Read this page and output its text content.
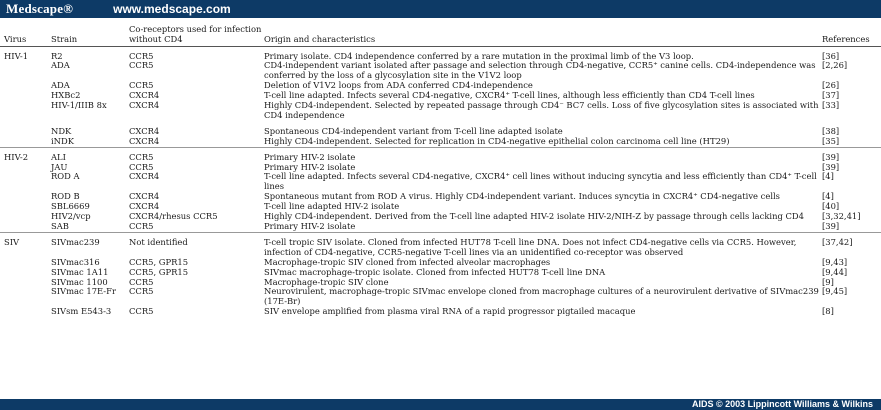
Medscape®	www.medscape.com
Virus	Strain	Co-receptors used for infection without CD4	Origin and characteristics	References
HIV-1	R2	CCR5	Primary isolate. CD4 independence conferred by a rare mutation in the proximal limb of the V3 loop.	[36]
	ADA	CCR5	CD4-independent variant isolated after passage and selection through CD4-negative, CCR5⁺ canine cells. CD4-independence was conferred by the loss of a glycosylation site in the V1V2 loop	[2,26]
	ADA	CCR5	Deletion of V1V2 loops from ADA conferred CD4-independence	[26]
	HXBc2	CXCR4	T-cell line adapted. Infects several CD4-negative, CXCR4⁺ T-cell lines, although less efficiently than CD4 T-cell lines	[37]
	HIV-1/IIIB 8x	CXCR4	Highly CD4-independent. Selected by repeated passage through CD4⁻ BC7 cells. Loss of five glycosylation sites is associated with CD4 independence	[33]

	NDK	CXCR4	Spontaneous CD4-independent variant from T-cell line adapted isolate	[38]
	iNDK	CXCR4	Highly CD4-independent. Selected for replication in CD4-negative epithelial colon carcinoma cell line (HT29)	[35]
HIV-2	ALI	CCR5	Primary HIV-2 isolate	[39]
	JAU	CCR5	Primary HIV-2 isolate	[39]
	ROD A	CXCR4	T-cell line adapted. Infects several CD4-negative, CXCR4⁺ cell lines without inducing syncytia and less efficiently than CD4⁺ T-cell lines	[4]
	ROD B	CXCR4	Spontaneous mutant from ROD A virus. Highly CD4-independent variant. Induces syncytia in CXCR4⁺ CD4-negative cells	[4]
	SBL6669	CXCR4	T-cell line adapted HIV-2 isolate	[40]
	HIV2/vcp	CXCR4/rhesus CCR5	Highly CD4-independent. Derived from the T-cell line adapted HIV-2 isolate HIV-2/NIH-Z by passage through cells lacking CD4	[3,32,41]
	SAB	CCR5	Primary HIV-2 isolate	[39]
SIV	SIVmac239	Not identified	T-cell tropic SIV isolate. Cloned from infected HUT78 T-cell line DNA. Does not infect CD4-negative cells via CCR5. However, infection of CD4-negative, CCR5-negative T-cell lines via an unidentified co-receptor was observed	[37,42]
	SIVmac316	CCR5, GPR15	Macrophage-tropic SIV cloned from infected alveolar macrophages	[9,43]
	SIVmac 1A11	CCR5, GPR15	SIVmac macrophage-tropic isolate. Cloned from infected HUT78 T-cell line DNA	[9,44]
	SIVmac 1100	CCR5	Macrophage-tropic SIV clone	[9]
	SIVmac 17E-Fr	CCR5	Neurovirulent, macrophage-tropic SIVmac envelope cloned from macrophage cultures of a neurovirulent derivative of SIVmac239 (17E-Br)	[9,45]
	SIVsm E543-3	CCR5	SIV envelope amplified from plasma viral RNA of a rapid progressor pigtailed macaque	[8]
AIDS © 2003 Lippincott Williams & Wilkins
